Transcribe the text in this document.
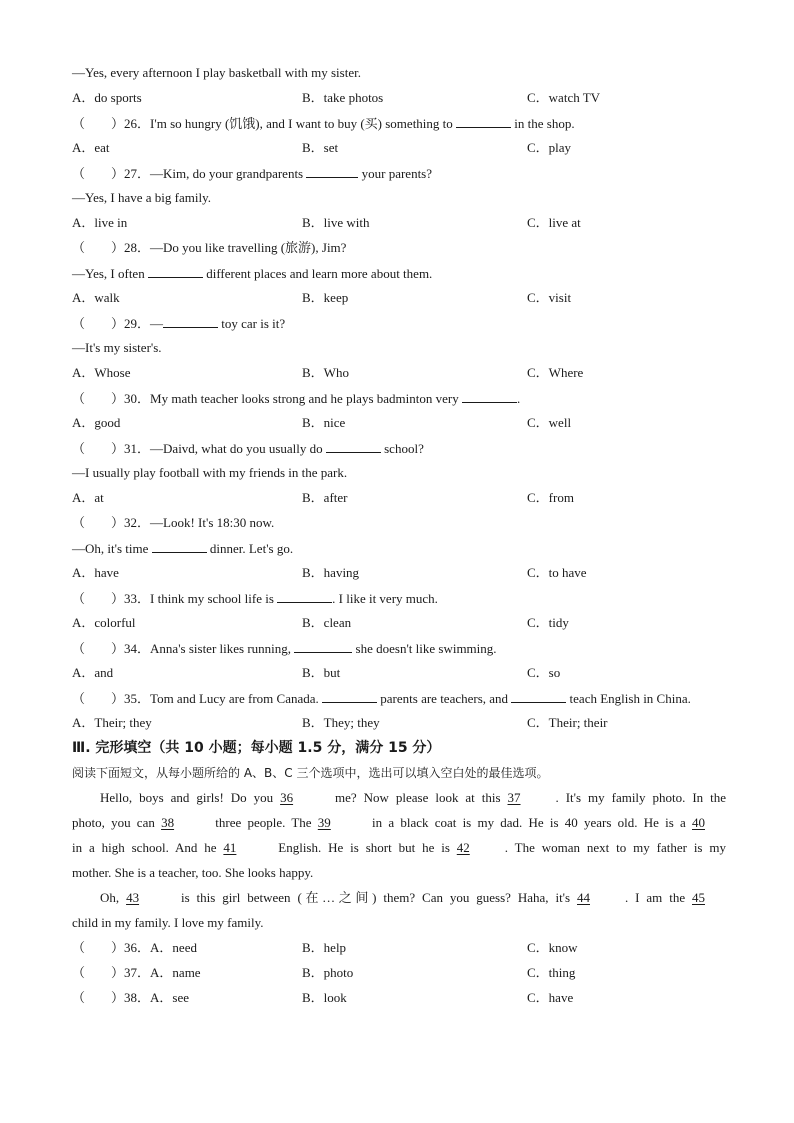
—Yes, every afternoon I play basketball with my sister.
A．do sports	B．take photos	C．watch TV
（　　）26．I'm so hungry (饥饿), and I want to buy (买) something to	in the shop.
A．eat	B．set	C．play
（　　）27．—Kim, do your grandparents	your parents?
—Yes, I have a big family.
A．live in	B．live with	C．live at
（　　）28．—Do you like travelling (旅游), Jim?
—Yes, I often	different places and learn more about them.
A．walk	B．keep	C．visit
（　　）29．—	toy car is it?
—It's my sister's.
A．Whose	B．Who	C．Where
（　　）30．My math teacher looks strong and he plays badminton very	.
A．good	B．nice	C．well
（　　）31．—Daivd, what do you usually do	school?
—I usually play football with my friends in the park.
A．at	B．after	C．from
（　　）32．—Look! It's 18:30 now.
—Oh, it's time	dinner. Let's go.
A．have	B．having	C．to have
（　　）33．I think my school life is	. I like it very much.
A．colorful	B．clean	C．tidy
（　　）34．Anna's sister likes running,	she doesn't like swimming.
A．and	B．but	C．so
（　　）35．Tom and Lucy are from Canada.	parents are teachers, and	teach English in China.
A．Their; they	B．They; they	C．Their; their
Ⅲ. 完形填空（共 10 小题；每小题 1.5 分，满分 15 分）
阅读下面短文，从每小题所给的 A、B、C 三个选项中，选出可以填入空白处的最佳选项。
Hello, boys and girls! Do you 36	me? Now please look at this 37	. It's my family photo. In the
photo, you can 38	three people. The 39	in a black coat is my dad. He is 40 years old. He is a 40
in a high school. And he 41	English. He is short but he is 42	. The woman next to my father is my
mother. She is a teacher, too. She looks happy.
Oh, 43	is this girl between (在…之间) them? Can you guess? Haha, it's 44	. I am the 45
child in my family. I love my family.
（　　）36．A．need	B．help	C．know
（　　）37．A．name	B．photo	C．thing
（　　）38．A．see	B．look	C．have
